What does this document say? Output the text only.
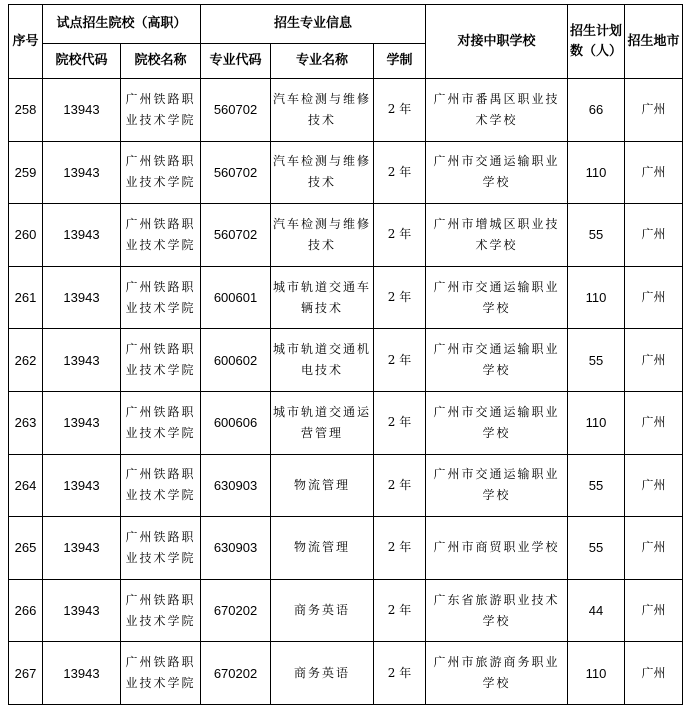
序号	试点招生院校（高职）		招生专业信息			对接中职学校	招生计划数（人）	招生地市
	院校代码	院校名称	专业代码	专业名称	学制			
258	13943	广州铁路职业技术学院	560702	汽车检测与维修技术	2 年	广州市番禺区职业技术学校	66	广州
259	13943	广州铁路职业技术学院	560702	汽车检测与维修技术	2 年	广州市交通运输职业学校	110	广州
260	13943	广州铁路职业技术学院	560702	汽车检测与维修技术	2 年	广州市增城区职业技术学校	55	广州
261	13943	广州铁路职业技术学院	600601	城市轨道交通车辆技术	2 年	广州市交通运输职业学校	110	广州
262	13943	广州铁路职业技术学院	600602	城市轨道交通机电技术	2 年	广州市交通运输职业学校	55	广州
263	13943	广州铁路职业技术学院	600606	城市轨道交通运营管理	2 年	广州市交通运输职业学校	110	广州
264	13943	广州铁路职业技术学院	630903	物流管理	2 年	广州市交通运输职业学校	55	广州
265	13943	广州铁路职业技术学院	630903	物流管理	2 年	广州市商贸职业学校	55	广州
266	13943	广州铁路职业技术学院	670202	商务英语	2 年	广东省旅游职业技术学校	44	广州
267	13943	广州铁路职业技术学院	670202	商务英语	2 年	广州市旅游商务职业学校	110	广州
